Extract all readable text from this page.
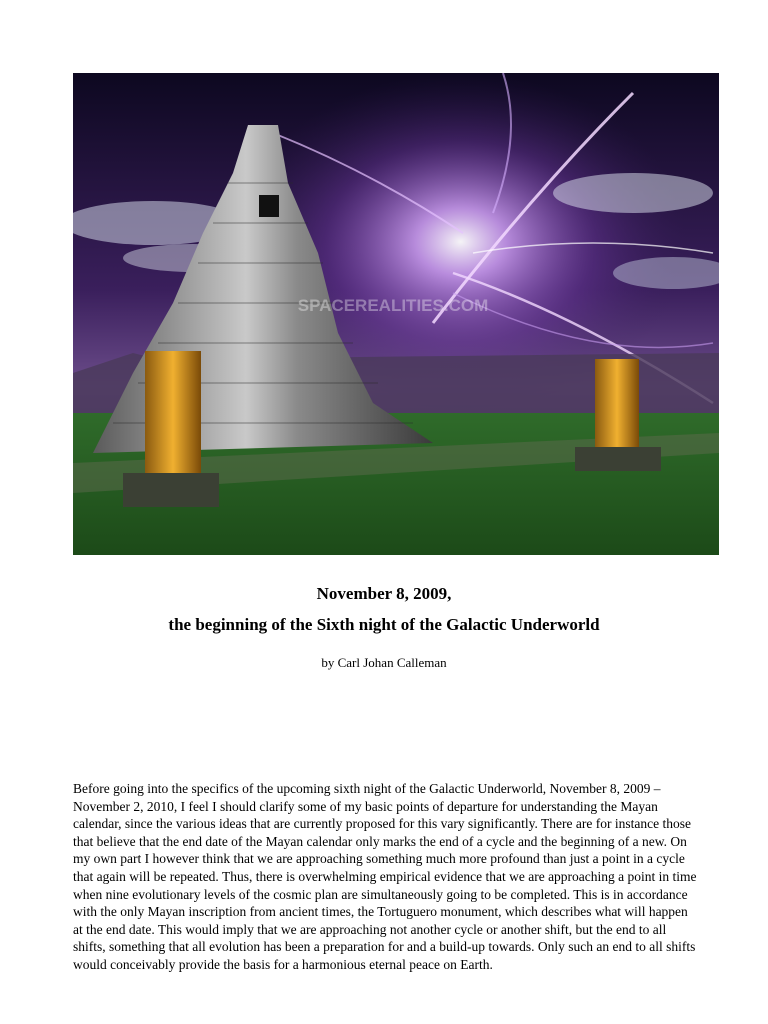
SPACEREALITIES.COM
November 8, 2009,
the beginning of the Sixth night of the Galactic Underworld
by Carl Johan Calleman
Before going into the specifics of the upcoming sixth night of the Galactic Underworld, November 8, 2009 – November 2, 2010, I feel I should clarify some of my basic points of departure for understanding the Mayan calendar, since the various ideas that are currently proposed for this vary significantly. There are for instance those that believe that the end date of the Mayan calendar only marks the end of a cycle and the beginning of a new. On my own part I however think that we are approaching something much more profound than just a point in a cycle that again will be repeated. Thus, there is overwhelming empirical evidence that we are approaching a point in time when nine evolutionary levels of the cosmic plan are simultaneously going to be completed. This is in accordance with the only Mayan inscription from ancient times, the Tortuguero monument, which describes what will happen at the end date. This would imply that we are approaching not another cycle or another shift, but the end to all shifts, something that all evolution has been a preparation for and a build-up towards. Only such an end to all shifts would conceivably provide the basis for a harmonious eternal peace on Earth.
